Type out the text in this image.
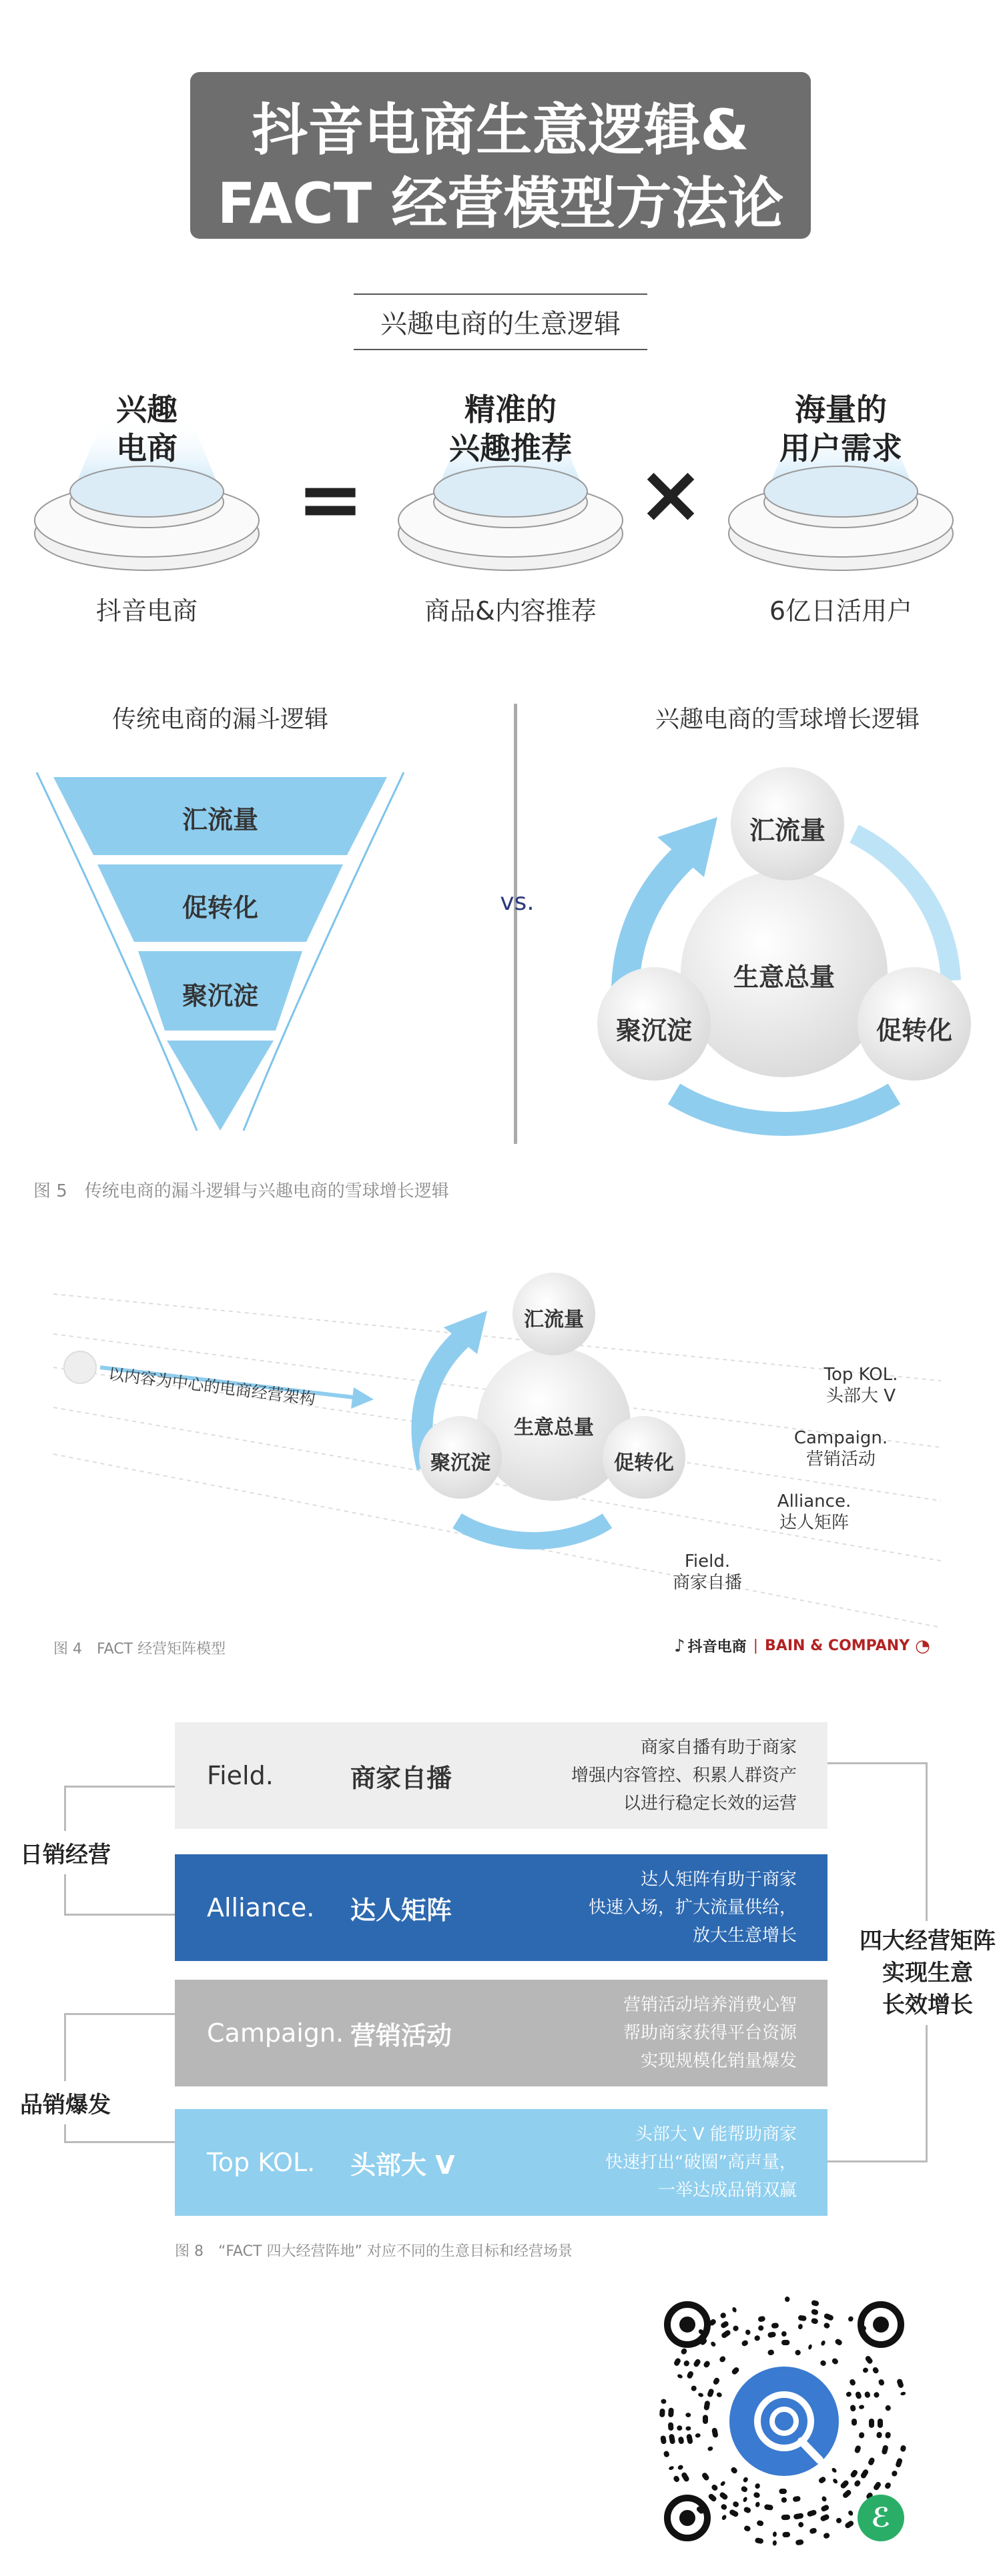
抖音电商生意逻辑&
FACT 经营模型方法论
兴趣电商的生意逻辑
兴趣
电商
抖音电商
=
精准的
兴趣推荐
商品&内容推荐
×
海量的
用户需求
6亿日活用户
传统电商的漏斗逻辑	兴趣电商的雪球增长逻辑
vs.
汇流量
促转化
聚沉淀
生意总量
汇流量
聚沉淀	促转化
图 5　传统电商的漏斗逻辑与兴趣电商的雪球增长逻辑
以内容为中心的电商经营架构
生意总量
汇流量
聚沉淀	促转化
Top KOL.
头部大 V
Campaign.
营销活动
Alliance.
达人矩阵
Field.
商家自播
图 4　FACT 经营矩阵模型	♪ 抖音电商 | BAIN & COMPANY ◔
日销经营
品销爆发
四大经营矩阵
实现生意
长效增长
Field.	商家自播
商家自播有助于商家
增强内容管控、积累人群资产
以进行稳定长效的运营
Alliance.	达人矩阵
达人矩阵有助于商家
快速入场，扩大流量供给，
放大生意增长
Campaign. 营销活动
营销活动培养消费心智
帮助商家获得平台资源
实现规模化销量爆发
Top KOL.	头部大 V
头部大 V 能帮助商家
快速打出“破圈”高声量，
一举达成品销双赢
图 8　“FACT 四大经营阵地” 对应不同的生意目标和经营场景
ℰ
